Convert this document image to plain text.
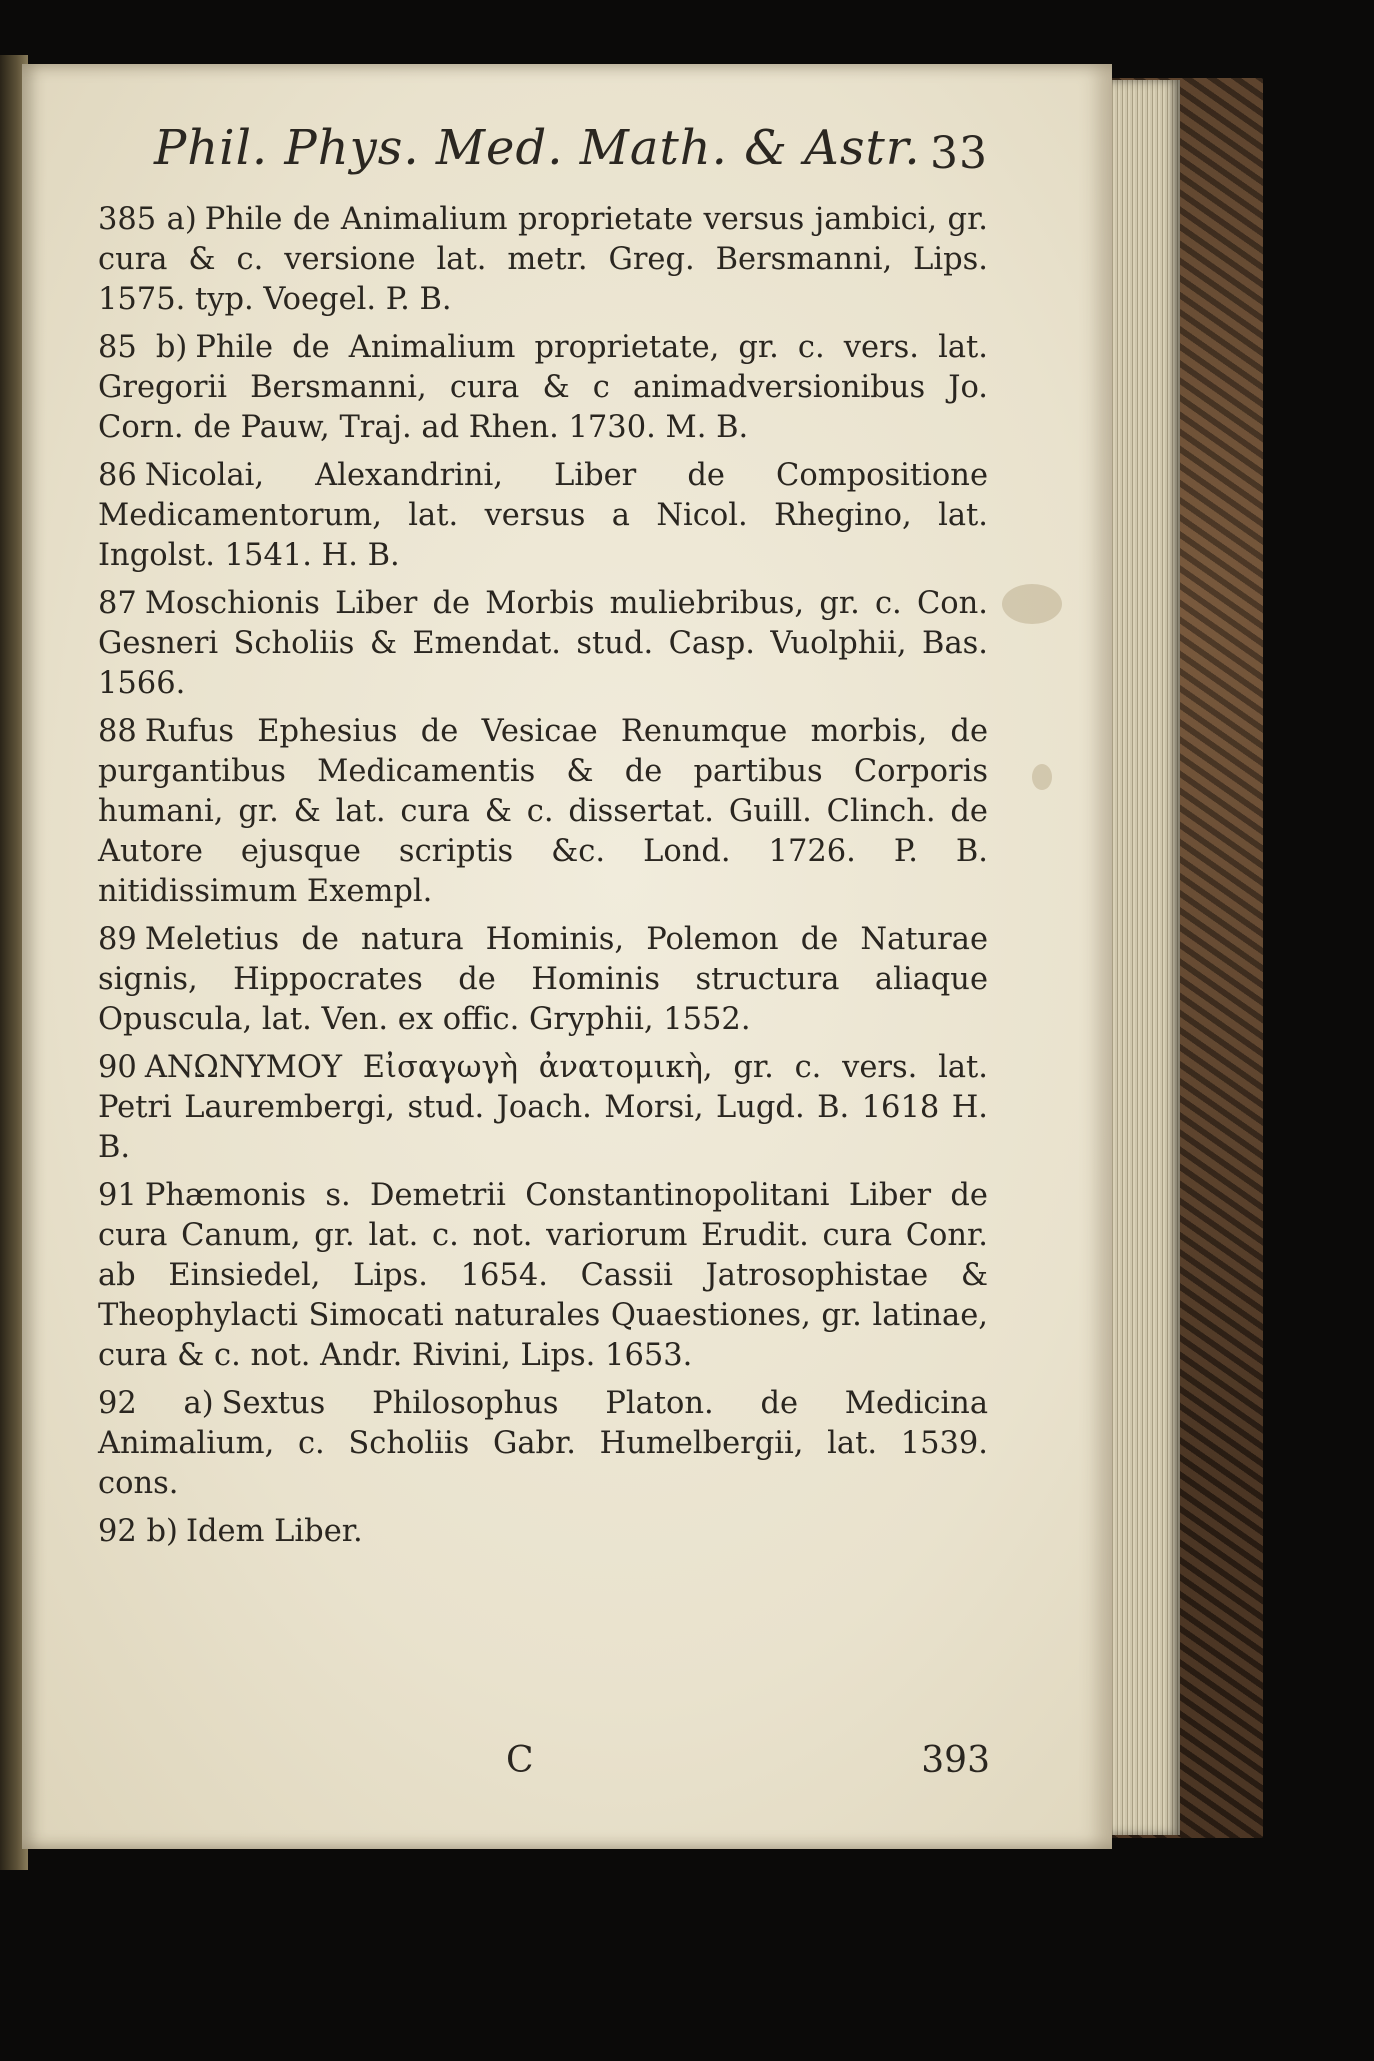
Phil. Phys. Med. Math. & Astr. 33

385 a) Phile de Animalium proprietate versus jambici, gr. cura & c. versione lat. metr. Greg. Bersmanni, Lips. 1575. typ. Voegel. P. B.

85 b) Phile de Animalium proprietate, gr. c. vers. lat. Gregorii Bersmanni, cura & c animadversionibus Jo. Corn. de Pauw, Traj. ad Rhen. 1730. M. B.

86 Nicolai, Alexandrini, Liber de Compositione Medicamentorum, lat. versus a Nicol. Rhegino, lat. Ingolst. 1541. H. B.

87 Moschionis Liber de Morbis muliebribus, gr. c. Con. Gesneri Scholiis & Emendat. stud. Casp. Vuolphii, Bas. 1566.

88 Rufus Ephesius de Vesicae Renumque morbis, de purgantibus Medicamentis & de partibus Corporis humani, gr. & lat. cura & c. dissertat. Guill. Clinch. de Autore ejusque scriptis &c. Lond. 1726. P. B. nitidissimum Exempl.

89 Meletius de natura Hominis, Polemon de Naturae signis, Hippocrates de Hominis structura aliaque Opuscula, lat. Ven. ex offic. Gryphii, 1552.

90 ΑΝΩΝΥΜΟΥ Εἰσαγωγὴ ἀνατομικὴ, gr. c. vers. lat. Petri Laurembergi, stud. Joach. Morsi, Lugd. B. 1618 H. B.

91 Phæmonis s. Demetrii Constantinopolitani Liber de cura Canum, gr. lat. c. not. variorum Erudit. cura Conr. ab Einsiedel, Lips. 1654. Cassii Jatrosophistae & Theophylacti Simocati naturales Quaestiones, gr. latinae, cura & c. not. Andr. Rivini, Lips. 1653.

92 a) Sextus Philosophus Platon. de Medicina Animalium, c. Scholiis Gabr. Humelbergii, lat. 1539. cons.

92 b) Idem Liber.

C	393
